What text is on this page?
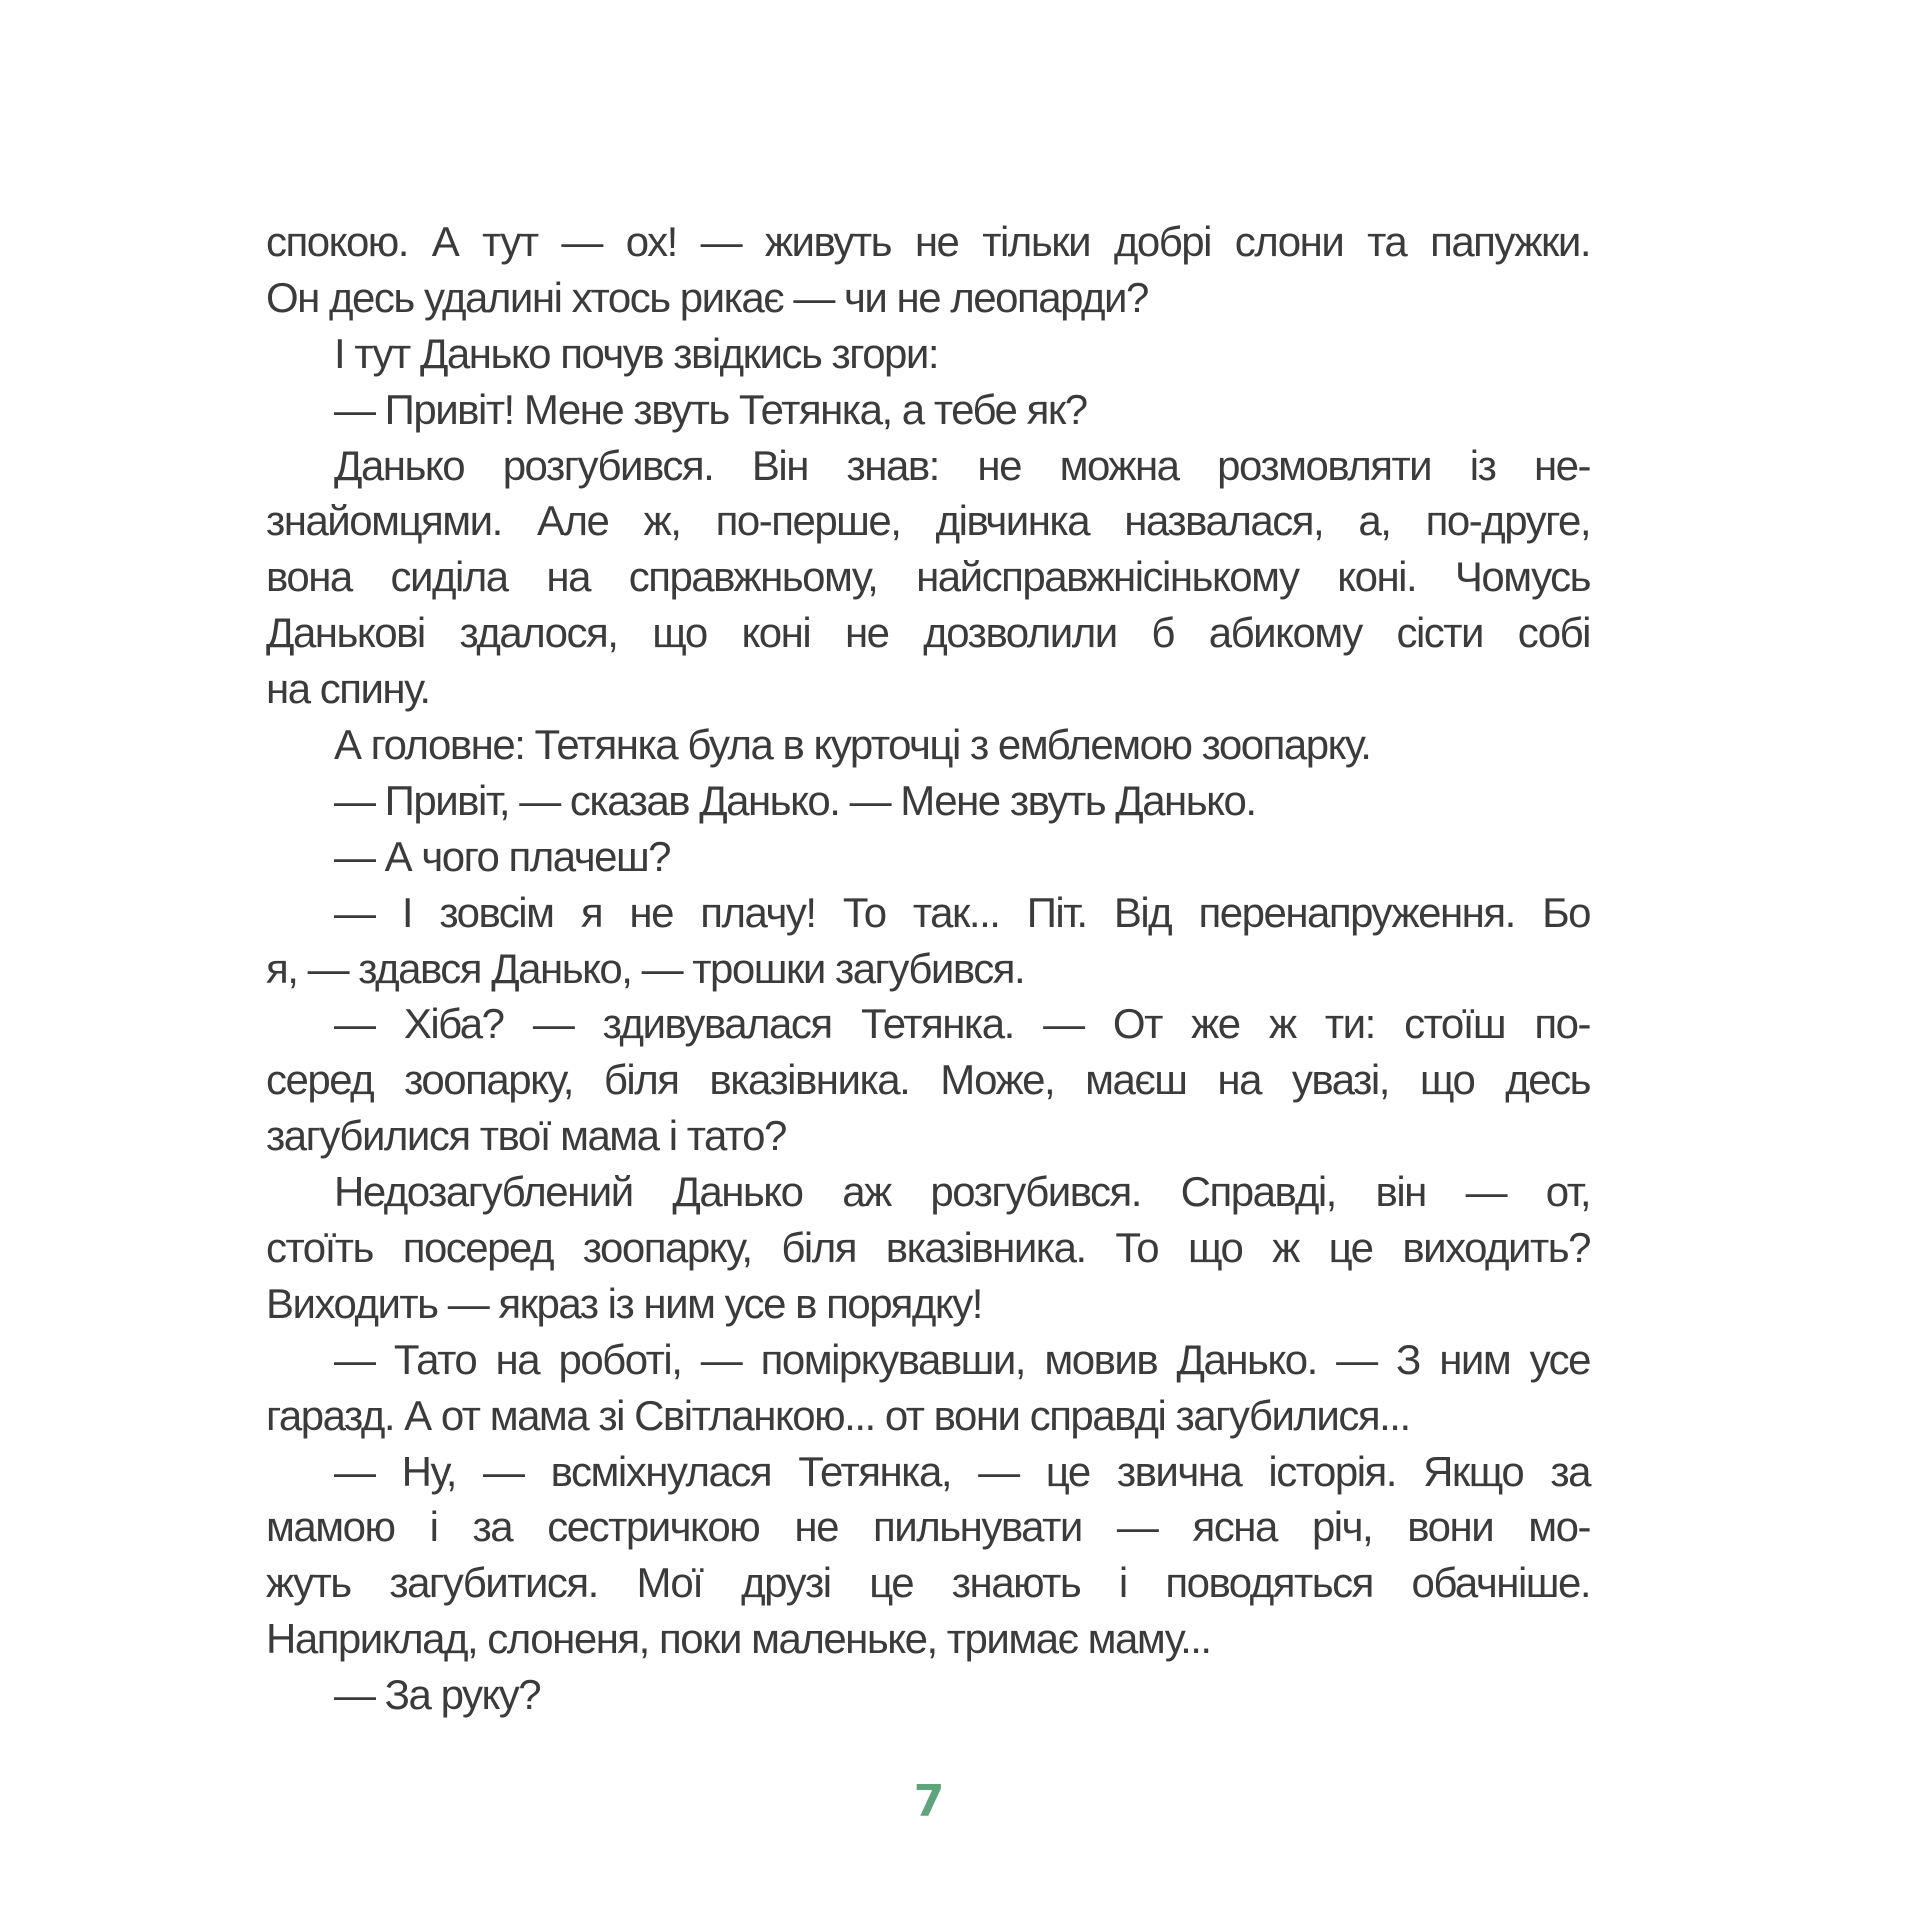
спокою. А тут — ох! — живуть не тільки добрі слони та папужки.
Он десь удалині хтось рикає — чи не леопарди?
І тут Данько почув звідкись згори:
— Привіт! Мене звуть Тетянка, а тебе як?
Данько розгубився. Він знав: не можна розмовляти із не-
знайомцями. Але ж, по-перше, дівчинка назвалася, а, по-друге,
вона сиділа на справжньому, найсправжнісінькому коні. Чомусь
Данькові здалося, що коні не дозволили б абикому сісти собі
на спину.
А головне: Тетянка була в курточці з емблемою зоопарку.
— Привіт, — сказав Данько. — Мене звуть Данько.
— А чого плачеш?
— І зовсім я не плачу! То так... Піт. Від перенапруження. Бо
я, — здався Данько, — трошки загубився.
— Хіба? — здивувалася Тетянка. — От же ж ти: стоїш по-
серед зоопарку, біля вказівника. Може, маєш на увазі, що десь
загубилися твої мама і тато?
Недозагублений Данько аж розгубився. Справді, він — от,
стоїть посеред зоопарку, біля вказівника. То що ж це виходить?
Виходить — якраз із ним усе в порядку!
— Тато на роботі, — поміркувавши, мовив Данько. — З ним усе
гаразд. А от мама зі Світланкою... от вони справді загубилися...
— Ну, — всміхнулася Тетянка, — це звична історія. Якщо за
мамою і за сестричкою не пильнувати — ясна річ, вони мо-
жуть загубитися. Мої друзі це знають і поводяться обачніше.
Наприклад, слоненя, поки маленьке, тримає маму...
— За руку?
7
